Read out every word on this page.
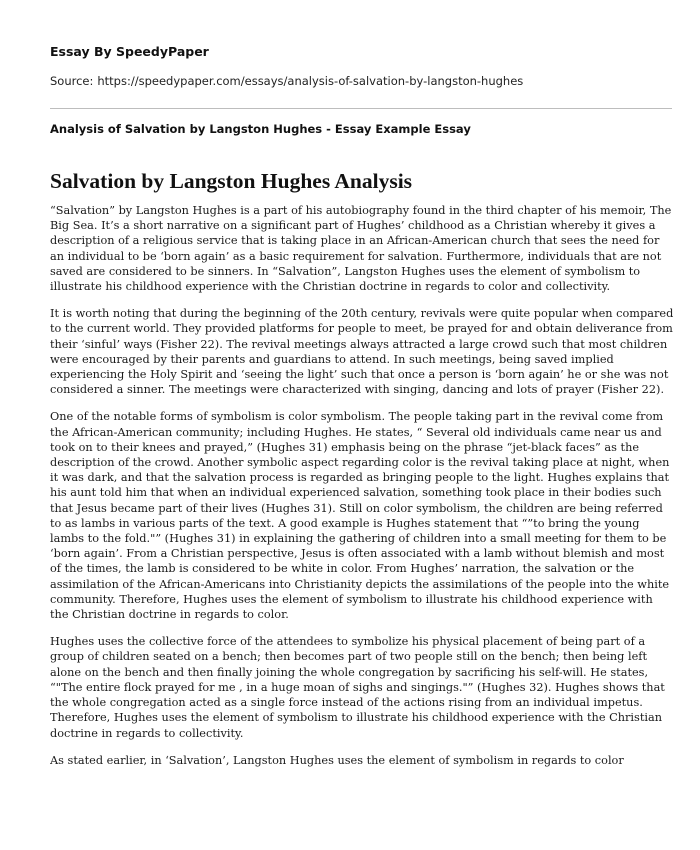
Essay By SpeedyPaper
Source: https://speedypaper.com/essays/analysis-of-salvation-by-langston-hughes
Analysis of Salvation by Langston Hughes - Essay Example Essay
Salvation by Langston Hughes Analysis

“Salvation” by Langston Hughes is a part of his autobiography found in the third chapter of his memoir, The Big Sea. It’s a short narrative on a significant part of Hughes’ childhood as a Christian whereby it gives a description of a religious service that is taking place in an African-American church that sees the need for an individual to be ‘born again’ as a basic requirement for salvation. Furthermore, individuals that are not saved are considered to be sinners. In “Salvation”, Langston Hughes uses the element of symbolism to illustrate his childhood experience with the Christian doctrine in regards to color and collectivity.

It is worth noting that during the beginning of the 20th century, revivals were quite popular when compared to the current world. They provided platforms for people to meet, be prayed for and obtain deliverance from their ‘sinful’ ways (Fisher 22). The revival meetings always attracted a large crowd such that most children were encouraged by their parents and guardians to attend. In such meetings, being saved implied experiencing the Holy Spirit and ‘seeing the light’ such that once a person is ‘born again’ he or she was not considered a sinner. The meetings were characterized with singing, dancing and lots of prayer (Fisher 22).

One of the notable forms of symbolism is color symbolism. The people taking part in the revival come from the African-American community; including Hughes. He states, “ Several old individuals came near us and took on to their knees and prayed,” (Hughes 31) emphasis being on the phrase “jet-black faces” as the description of the crowd. Another symbolic aspect regarding color is the revival taking place at night, when it was dark, and that the salvation process is regarded as bringing people to the light. Hughes explains that his aunt told him that when an individual experienced salvation, something took place in their bodies such that Jesus became part of their lives (Hughes 31). Still on color symbolism, the children are being referred to as lambs in various parts of the text. A good example is Hughes statement that “”to bring the young lambs to the fold."” (Hughes 31) in explaining the gathering of children into a small meeting for them to be ‘born again’. From a Christian perspective, Jesus is often associated with a lamb without blemish and most of the times, the lamb is considered to be white in color. From Hughes’ narration, the salvation or the assimilation of the African-Americans into Christianity depicts the assimilations of the people into the white community. Therefore, Hughes uses the element of symbolism to illustrate his childhood experience with the Christian doctrine in regards to color.

Hughes uses the collective force of the attendees to symbolize his physical placement of being part of a group of children seated on a bench; then becomes part of two people still on the bench; then being left alone on the bench and then finally joining the whole congregation by sacrificing his self-will. He states, “"The entire flock prayed for me , in a huge moan of sighs and singings."” (Hughes 32). Hughes shows that the whole congregation acted as a single force instead of the actions rising from an individual impetus. Therefore, Hughes uses the element of symbolism to illustrate his childhood experience with the Christian doctrine in regards to collectivity.

As stated earlier, in ‘Salvation’, Langston Hughes uses the element of symbolism in regards to color
